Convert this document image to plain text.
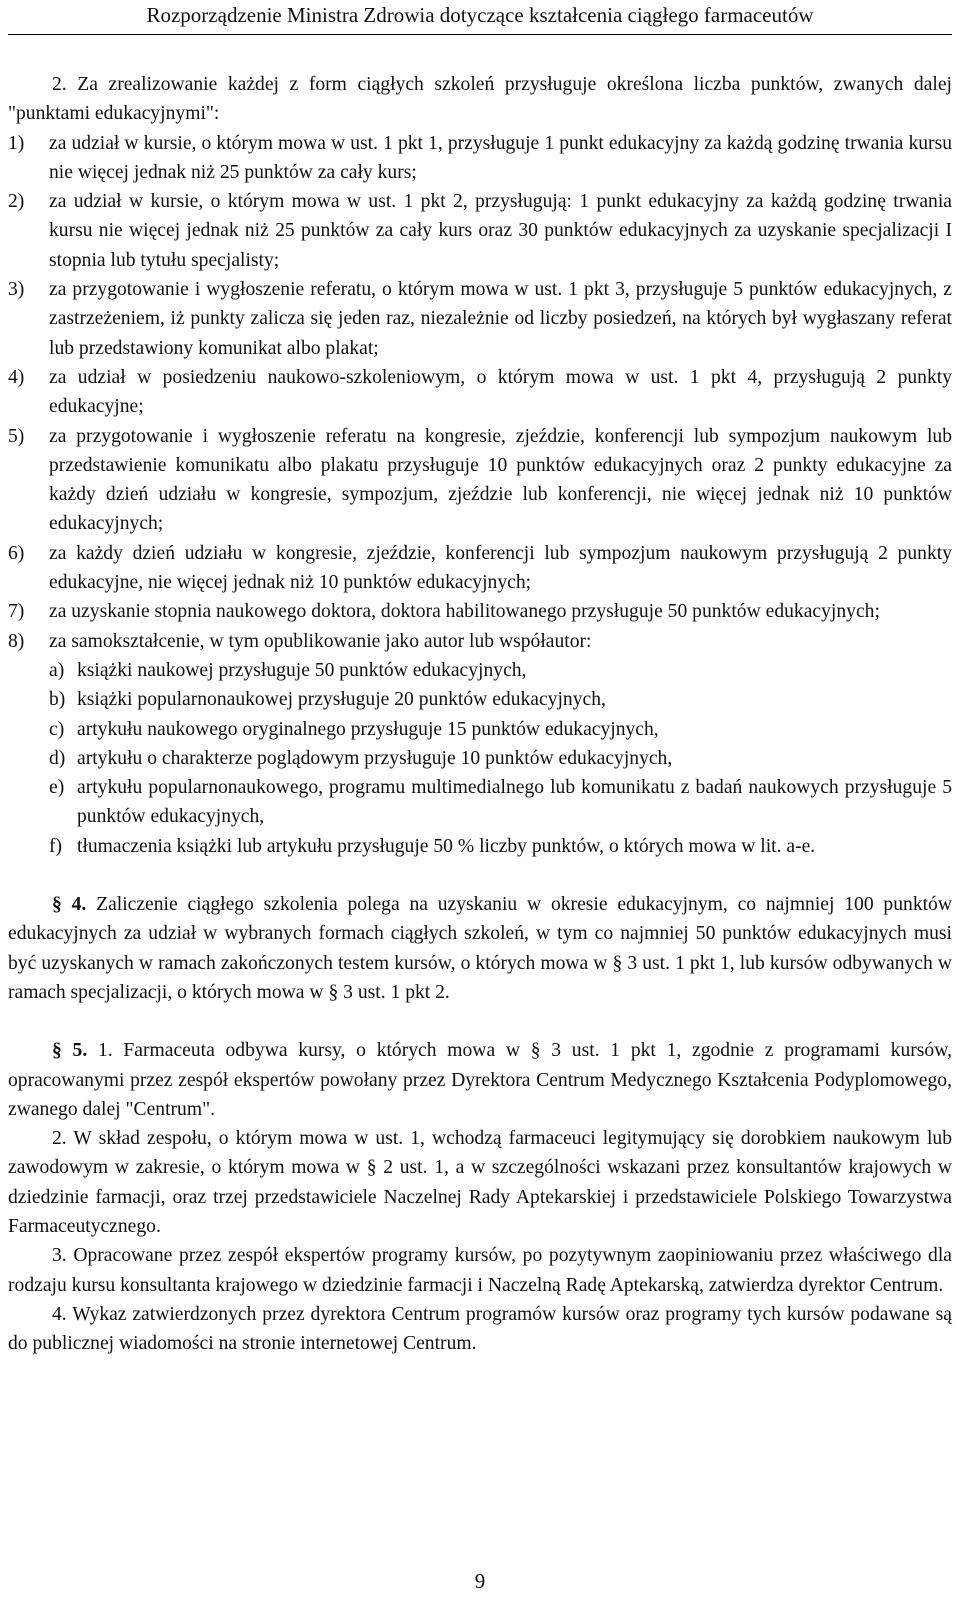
Rozporządzenie Ministra Zdrowia dotyczące kształcenia ciągłego farmaceutów

2. Za zrealizowanie każdej z form ciągłych szkoleń przysługuje określona liczba punktów, zwanych dalej "punktami edukacyjnymi":

1)	za udział w kursie, o którym mowa w ust. 1 pkt 1, przysługuje 1 punkt edukacyjny za każdą godzinę trwania kursu nie więcej jednak niż 25 punktów za cały kurs;
2)	za udział w kursie, o którym mowa w ust. 1 pkt 2, przysługują: 1 punkt edukacyjny za każdą godzinę trwania kursu nie więcej jednak niż 25 punktów za cały kurs oraz 30 punktów edukacyjnych za uzyskanie specjalizacji I stopnia lub tytułu specjalisty;
3)	za przygotowanie i wygłoszenie referatu, o którym mowa w ust. 1 pkt 3, przysługuje 5 punktów edukacyjnych, z zastrzeżeniem, iż punkty zalicza się jeden raz, niezależnie od liczby posiedzeń, na których był wygłaszany referat lub przedstawiony komunikat albo plakat;
4)	za udział w posiedzeniu naukowo-szkoleniowym, o którym mowa w ust. 1 pkt 4, przysługują 2 punkty edukacyjne;
5)	za przygotowanie i wygłoszenie referatu na kongresie, zjeździe, konferencji lub sympozjum naukowym lub przedstawienie komunikatu albo plakatu przysługuje 10 punktów edukacyjnych oraz 2 punkty edukacyjne za każdy dzień udziału w kongresie, sympozjum, zjeździe lub konferencji, nie więcej jednak niż 10 punktów edukacyjnych;
6)	za każdy dzień udziału w kongresie, zjeździe, konferencji lub sympozjum naukowym przysługują 2 punkty edukacyjne, nie więcej jednak niż 10 punktów edukacyjnych;
7)	za uzyskanie stopnia naukowego doktora, doktora habilitowanego przysługuje 50 punktów edukacyjnych;
8)	za samokształcenie, w tym opublikowanie jako autor lub współautor:
a) książki naukowej przysługuje 50 punktów edukacyjnych,
b) książki popularnonaukowej przysługuje 20 punktów edukacyjnych,
c) artykułu naukowego oryginalnego przysługuje 15 punktów edukacyjnych,
d) artykułu o charakterze poglądowym przysługuje 10 punktów edukacyjnych,
e) artykułu popularnonaukowego, programu multimedialnego lub komunikatu z badań naukowych przysługuje 5 punktów edukacyjnych,
f) tłumaczenia książki lub artykułu przysługuje 50 % liczby punktów, o których mowa w lit. a-e.

§ 4. Zaliczenie ciągłego szkolenia polega na uzyskaniu w okresie edukacyjnym, co najmniej 100 punktów edukacyjnych za udział w wybranych formach ciągłych szkoleń, w tym co najmniej 50 punktów edukacyjnych musi być uzyskanych w ramach zakończonych testem kursów, o których mowa w § 3 ust. 1 pkt 1, lub kursów odbywanych w ramach specjalizacji, o których mowa w § 3 ust. 1 pkt 2.

§ 5. 1. Farmaceuta odbywa kursy, o których mowa w § 3 ust. 1 pkt 1, zgodnie z programami kursów, opracowanymi przez zespół ekspertów powołany przez Dyrektora Centrum Medycznego Kształcenia Podyplomowego, zwanego dalej "Centrum".

2. W skład zespołu, o którym mowa w ust. 1, wchodzą farmaceuci legitymujący się dorobkiem naukowym lub zawodowym w zakresie, o którym mowa w § 2 ust. 1, a w szczególności wskazani przez konsultantów krajowych w dziedzinie farmacji, oraz trzej przedstawiciele Naczelnej Rady Aptekarskiej i przedstawiciele Polskiego Towarzystwa Farmaceutycznego.

3. Opracowane przez zespół ekspertów programy kursów, po pozytywnym zaopiniowaniu przez właściwego dla rodzaju kursu konsultanta krajowego w dziedzinie farmacji i Naczelną Radę Aptekarską, zatwierdza dyrektor Centrum.

4. Wykaz zatwierdzonych przez dyrektora Centrum programów kursów oraz programy tych kursów podawane są do publicznej wiadomości na stronie internetowej Centrum.

9
